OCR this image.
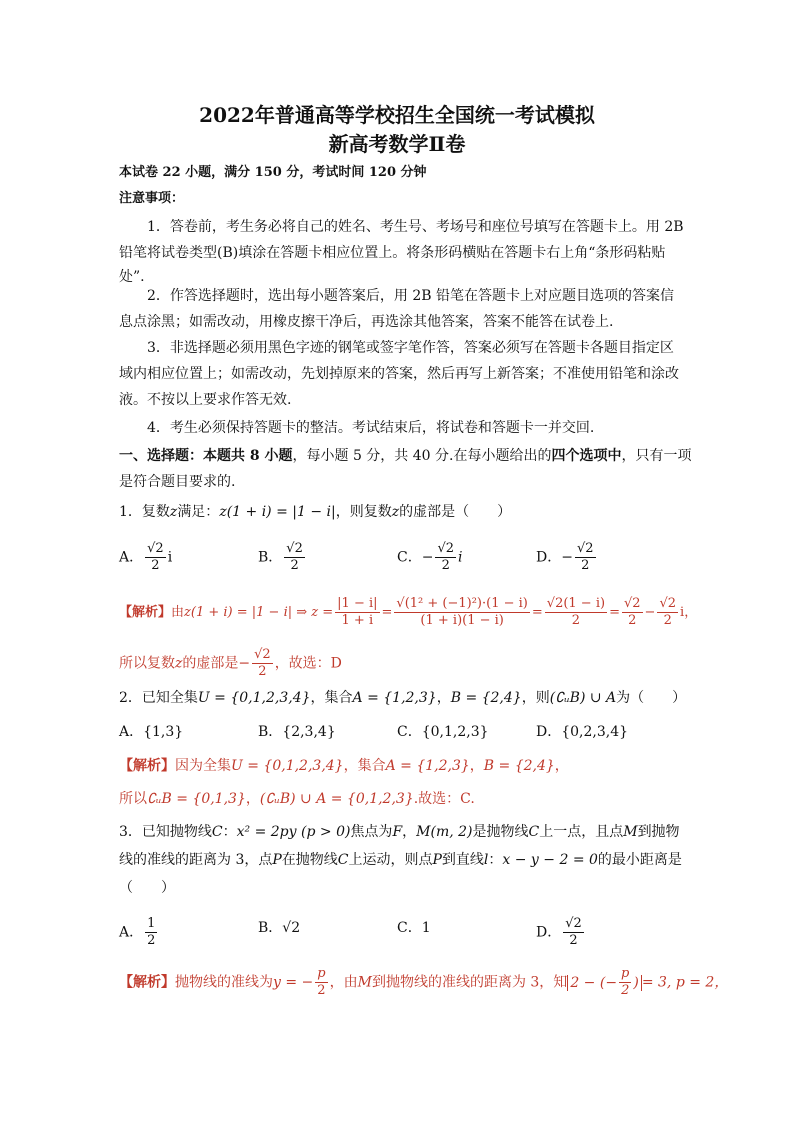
2022年普通高等学校招生全国统一考试模拟
新高考数学Ⅱ卷
本试卷 22 小题，满分 150 分，考试时间 120 分钟
注意事项：
1．答卷前，考生务必将自己的姓名、考生号、考场号和座位号填写在答题卡上。用 2B
铅笔将试卷类型(B)填涂在答题卡相应位置上。将条形码横贴在答题卡右上角“条形码粘贴
处”.
2．作答选择题时，选出每小题答案后，用 2B 铅笔在答题卡上对应题目选项的答案信
息点涂黑；如需改动，用橡皮擦干净后，再选涂其他答案，答案不能答在试卷上.
3．非选择题必须用黑色字迹的钢笔或签字笔作答，答案必须写在答题卡各题目指定区
域内相应位置上；如需改动，先划掉原来的答案，然后再写上新答案；不准使用铅笔和涂改
液。不按以上要求作答无效.
4．考生必须保持答题卡的整洁。考试结束后，将试卷和答题卡一并交回.
一、选择题：本题共 8 小题，每小题 5 分，共 40 分.在每小题给出的四个选项中，只有一项
是符合题目要求的.
1．复数z满足：z(1 + i) = |1 − i|，则复数z的虚部是（　　）
A． $\frac{√2}{2}$ i	B． $\frac{√2}{2}$	C．− $\frac{√2}{2}$ i	D．− $\frac{√2}{2}$
【解析】由z(1 + i) = |1 − i| ⇒ $z = \frac{|1 - i|}{1 + i} = \frac{\text{√(1² + (−1)²)·(1 − i)}}{(1 + i)(1 - i)} = \frac{√2(1 - i)}{2} = \frac{√2}{2} - \frac{√2}{2}$ i，
所以复数z的虚部是− $\frac{√2}{2}$ ，故选：D
2．已知全集U = {0,1,2,3,4}，集合A = {1,2,3}，B = {2,4}，则(∁ᵤB) ∪ A为（　　）
A．{1,3}	B．{2,3,4}	C．{0,1,2,3}	D．{0,2,3,4}
【解析】因为全集U = {0,1,2,3,4}，集合A = {1,2,3}，B = {2,4}，
所以∁ᵤB = {0,1,3}，(∁ᵤB) ∪ A = {0,1,2,3}.故选：C.
3．已知抛物线C：x² = 2py (p > 0)焦点为F，M(m, 2)是抛物线C上一点，且点M到抛物
线的准线的距离为 3，点P在抛物线C上运动，则点P到直线l：x − y − 2 = 0的最小距离是
（　　）
A． $\frac{1}{2}$	B．√2	C．1	D． $\frac{√2}{2}$
【解析】抛物线的准线为y = − $\frac{p}{2}$ ，由M到抛物线的准线的距离为 3，知 2 − (− $\frac{p}{2}$ ) = 3, p = 2，
